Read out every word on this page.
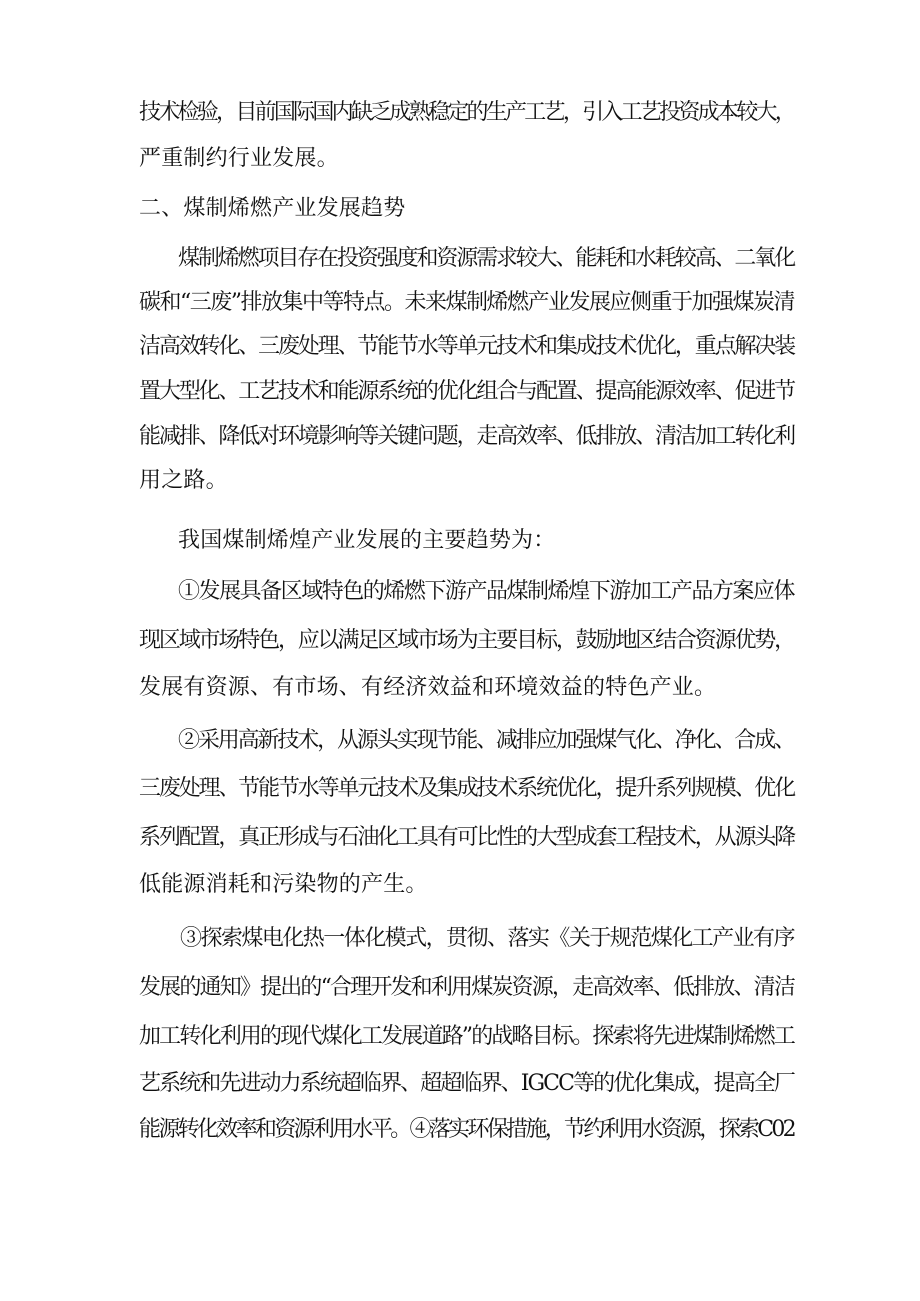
技术检验，目前国际国内缺乏成熟稳定的生产工艺，引入工艺投资成本较大，
严重制约行业发展。
二、煤制烯燃产业发展趋势
煤制烯燃项目存在投资强度和资源需求较大、能耗和水耗较高、二氧化
碳和“三废”排放集中等特点。未来煤制烯燃产业发展应侧重于加强煤炭清
洁高效转化、三废处理、节能节水等单元技术和集成技术优化，重点解决装
置大型化、工艺技术和能源系统的优化组合与配置、提高能源效率、促进节
能减排、降低对环境影响等关键问题，走高效率、低排放、清洁加工转化利
用之路。
我国煤制烯煌产业发展的主要趋势为：
①发展具备区域特色的烯燃下游产品煤制烯煌下游加工产品方案应体
现区域市场特色，应以满足区域市场为主要目标，鼓励地区结合资源优势，
发展有资源、有市场、有经济效益和环境效益的特色产业。
②采用高新技术，从源头实现节能、减排应加强煤气化、净化、合成、
三废处理、节能节水等单元技术及集成技术系统优化，提升系列规模、优化
系列配置，真正形成与石油化工具有可比性的大型成套工程技术，从源头降
低能源消耗和污染物的产生。
③探索煤电化热一体化模式，贯彻、落实《关于规范煤化工产业有序
发展的通知》提出的“合理开发和利用煤炭资源，走高效率、低排放、清洁
加工转化利用的现代煤化工发展道路”的战略目标。探索将先进煤制烯燃工
艺系统和先进动力系统超临界、超超临界、IGCC等的优化集成，提高全厂
能源转化效率和资源利用水平。④落实环保措施，节约利用水资源，探索C02
